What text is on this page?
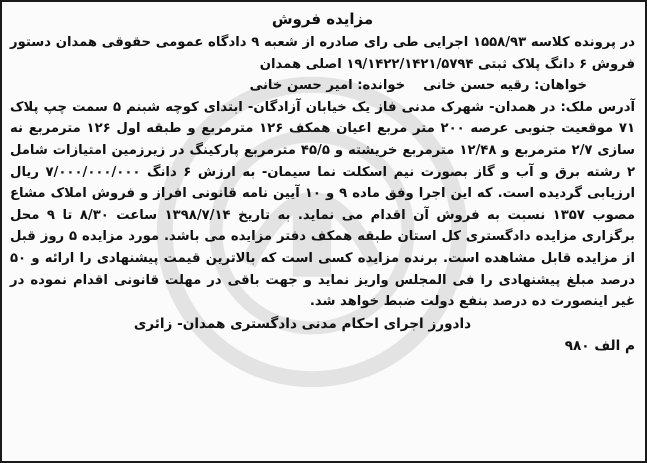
مزایده فروش

در پرونده کلاسه ۱۵۵۸/۹۳ اجرایی طی رای صادره از شعبه ۹ دادگاه عمومی حقوقی همدان دستور فروش ۶ دانگ پلاک ثبتی ۱۹/۱۴۲۲/۱۴۲۱/۵۷۹۴ اصلی همدان

خواهان: رقیه حسن خانی
خوانده: امیر حسن خانی

آدرس ملک: در همدان- شهرک مدنی فاز یک خیابان آزادگان- ابتدای کوچه شبنم ۵ سمت چپ پلاک ۷۱ موقعیت جنوبی عرصه ۲۰۰ متر مربع اعیان همکف ۱۲۶ مترمربع و طبقه اول ۱۲۶ مترمربع نه سازی ۲/۷ مترمربع و ۱۲/۴۸ مترمربع خریشته و ۴۵/۵ مترمربع پارکینگ در زیرزمین امتیازات شامل ۲ رشته برق و آب و گاز بصورت نیم اسکلت نما سیمان- به ارزش ۶ دانگ ۷/۰۰۰/۰۰۰/۰۰۰ ریال ارزیابی گردیده است. که این اجرا وفق ماده ۹ و ۱۰ آیین نامه قانونی افراز و فروش املاک مشاع مصوب ۱۳۵۷ نسبت به فروش آن اقدام می نماید. به تاریخ ۱۳۹۸/۷/۱۴ ساعت ۸/۳۰ تا ۹ محل برگزاری مزایده دادگستری کل استان طبقه همکف دفتر مزایده می باشد. مورد مزایده ۵ روز قبل از مزایده قابل مشاهده است. برنده مزایده کسی است که بالاترین قیمت پیشنهادی را ارائه و ۵۰ درصد مبلغ پیشنهادی را فی المجلس واریز نماید و جهت باقی در مهلت قانونی اقدام نموده در غیر اینصورت ده درصد بنفع دولت ضبط خواهد شد.

دادورز اجرای احکام مدنی دادگستری همدان- زائری

م الف ۹۸۰
